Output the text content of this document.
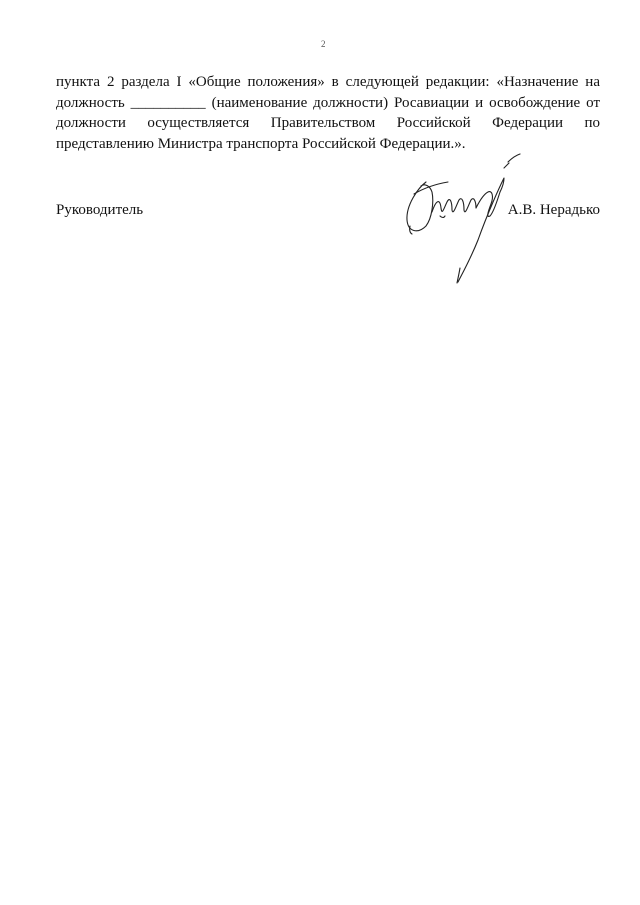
2
пункта 2 раздела I «Общие положения» в следующей редакции: «Назначение на
должность __________ (наименование должности) Росавиации и освобождение от
должности осуществляется Правительством Российской Федерации по
представлению Министра транспорта Российской Федерации.».
Руководитель	А.В. Нерадько
